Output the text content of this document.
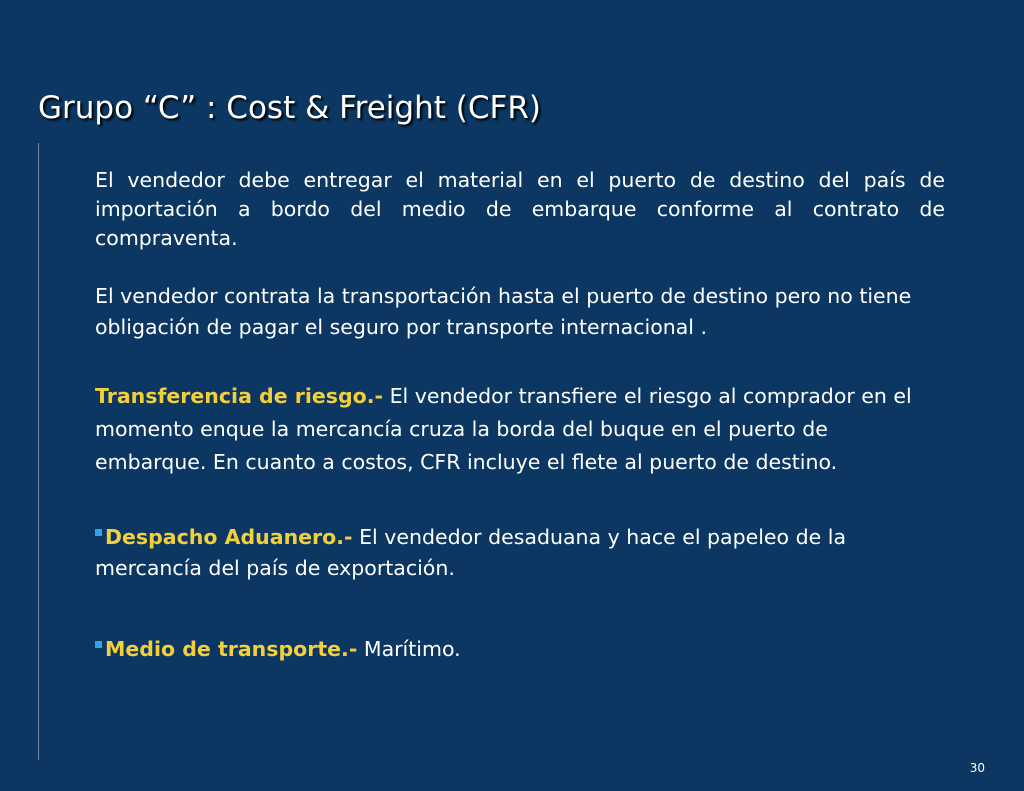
Grupo “C” : Cost & Freight (CFR)

El vendedor debe entregar el material en el puerto de destino del país de importación a bordo del medio de embarque conforme al contrato de compraventa.

El vendedor contrata la transportación hasta el puerto de destino pero no tiene obligación de pagar el seguro por transporte internacional .

Transferencia de riesgo.- El vendedor transfiere el riesgo al comprador en el momento enque la mercancía cruza la borda del buque en el puerto de embarque. En cuanto a costos, CFR incluye el flete al puerto de destino.

Despacho Aduanero.- El vendedor desaduana y hace el papeleo de la mercancía del país de exportación.

Medio de transporte.- Marítimo.

30
